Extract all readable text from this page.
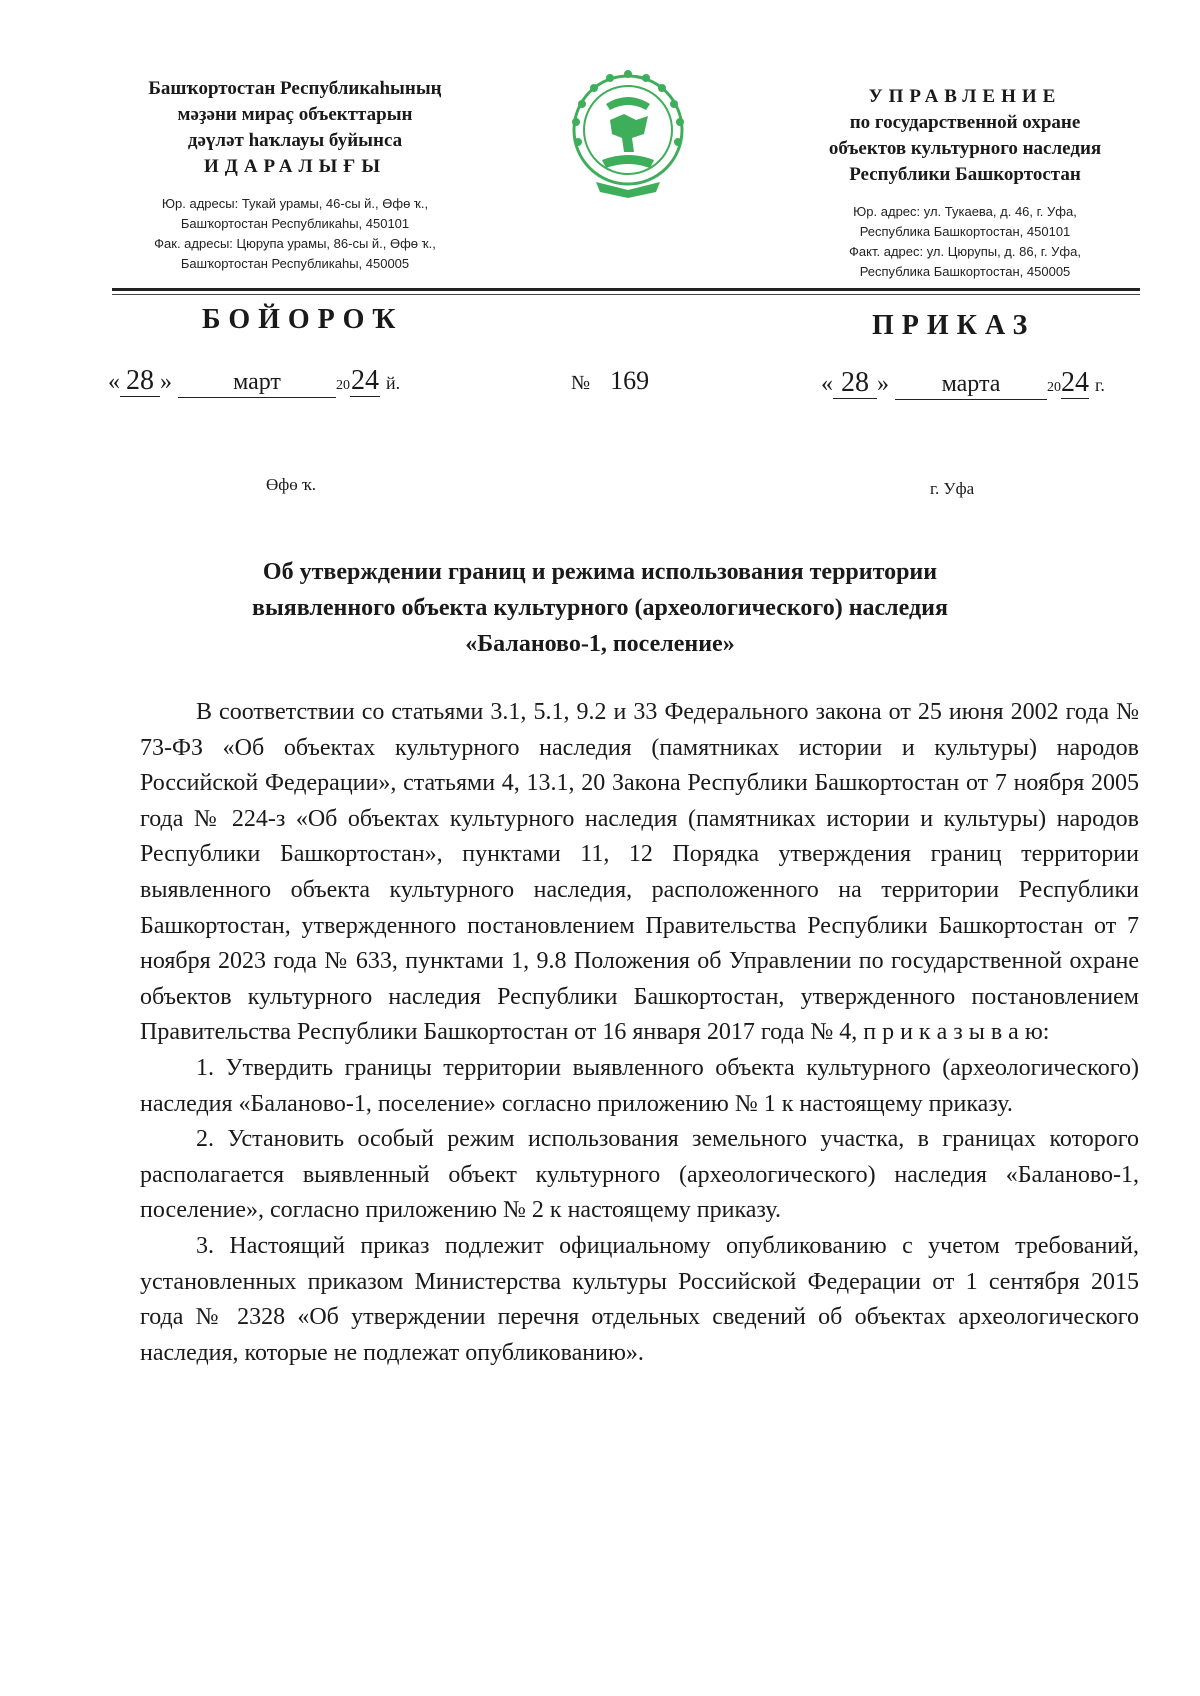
Башҡортостан Республикаһының
мәҙәни мираҫ объекттарын
дәүләт һаҡлауы буйынса
ИДАРАЛЫҒЫ
Юр. адресы: Тукай урамы, 46-сы й., Өфө ҡ.,
Башҡортостан Республикаһы, 450101
Фак. адресы: Цюрупа урамы, 86-сы й., Өфө ҡ.,
Башҡортостан Республикаһы, 450005
УПРАВЛЕНИЕ
по государственной охране
объектов культурного наследия
Республики Башкортостан
Юр. адрес: ул. Тукаева, д. 46, г. Уфа,
Республика Башкортостан, 450101
Факт. адрес: ул. Цюрупы, д. 86, г. Уфа,
Республика Башкортостан, 450005
БОЙОРОҠ	ПРИКАЗ
« 28 »	март	2024 й.	№ 169	« 28 » марта	2024 г.
Өфө ҡ.	г. Уфа
Об утверждении границ и режима использования территории
выявленного объекта культурного (археологического) наследия
«Баланово-1, поселение»

В соответствии со статьями 3.1, 5.1, 9.2 и 33 Федерального закона от 25 июня 2002 года № 73-ФЗ «Об объектах культурного наследия (памятниках истории и культуры) народов Российской Федерации», статьями 4, 13.1, 20 Закона Республики Башкортостан от 7 ноября 2005 года № 224-з «Об объектах культурного наследия (памятниках истории и культуры) народов Республики Башкортостан», пунктами 11, 12 Порядка утверждения границ территории выявленного объекта культурного наследия, расположенного на территории Республики Башкортостан, утвержденного постановлением Правительства Республики Башкортостан от 7 ноября 2023 года № 633, пунктами 1, 9.8 Положения об Управлении по государственной охране объектов культурного наследия Республики Башкортостан, утвержденного постановлением Правительства Республики Башкортостан от 16 января 2017 года № 4, п р и к а з ы в а ю:

1. Утвердить границы территории выявленного объекта культурного (археологического) наследия «Баланово-1, поселение» согласно приложению № 1 к настоящему приказу.

2. Установить особый режим использования земельного участка, в границах которого располагается выявленный объект культурного (археологического) наследия «Баланово-1, поселение», согласно приложению № 2 к настоящему приказу.

3. Настоящий приказ подлежит официальному опубликованию с учетом требований, установленных приказом Министерства культуры Российской Федерации от 1 сентября 2015 года № 2328 «Об утверждении перечня отдельных сведений об объектах археологического наследия, которые не подлежат опубликованию».
